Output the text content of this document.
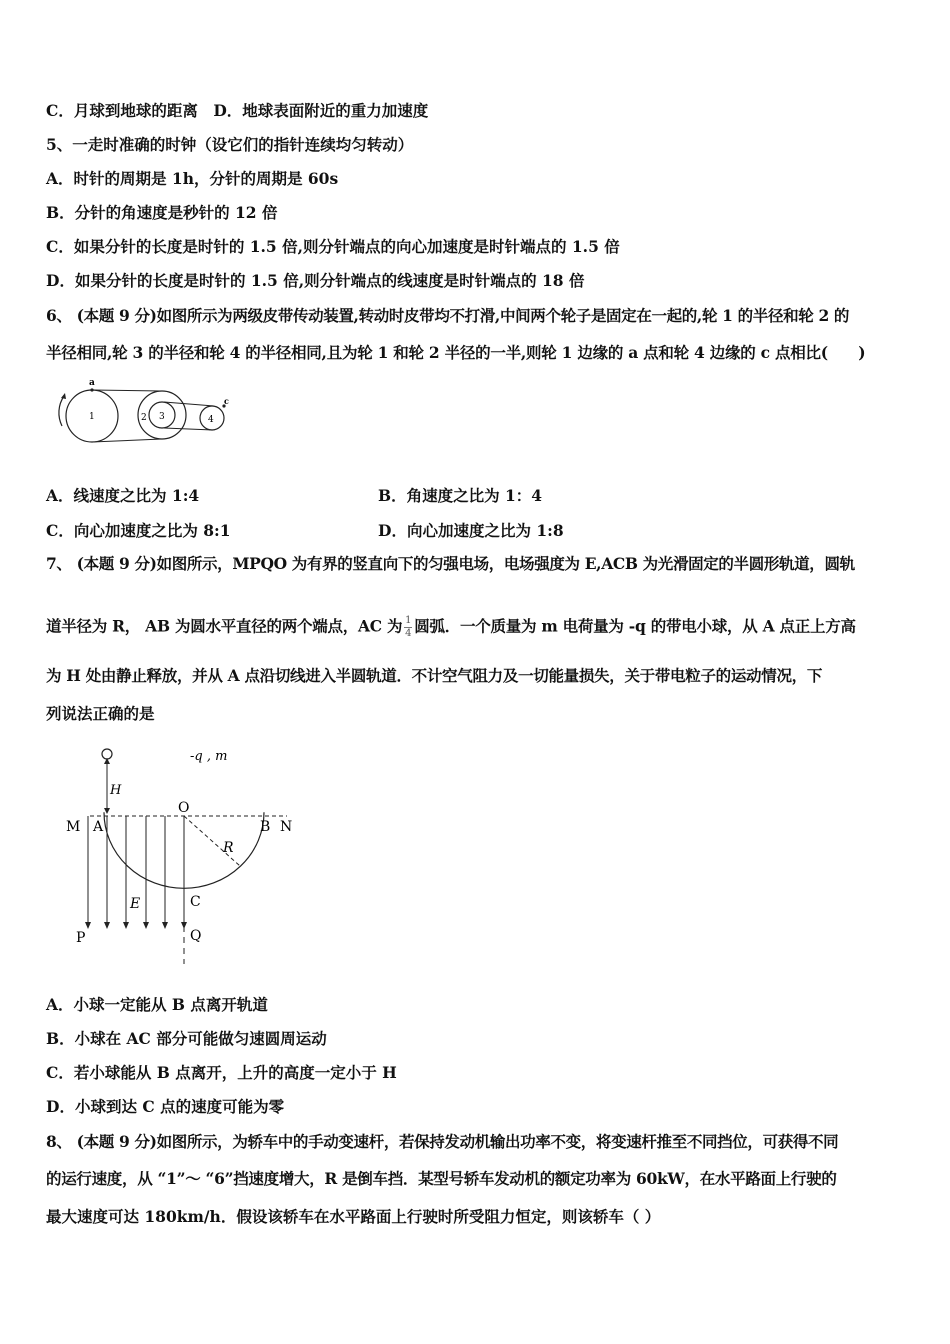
C．月球到地球的距离　D．地球表面附近的重力加速度
5、一走时准确的时钟（设它们的指针连续均匀转动）
A．时针的周期是 1h，分针的周期是 60s
B．分针的角速度是秒针的 12 倍
C．如果分针的长度是时针的 1.5 倍,则分针端点的向心加速度是时针端点的 1.5 倍
D．如果分针的长度是时针的 1.5 倍,则分针端点的线速度是时针端点的 18 倍
6、 (本题 9 分)如图所示为两级皮带传动装置,转动时皮带均不打滑,中间两个轮子是固定在一起的,轮 1 的半径和轮 2 的
半径相同,轮 3 的半径和轮 4 的半径相同,且为轮 1 和轮 2 半径的一半,则轮 1 边缘的 a 点和轮 4 边缘的 c 点相比(　　)
a
1	2 3	4
c
A．线速度之比为 1:4	B．角速度之比为 1：4
C．向心加速度之比为 8:1	D．向心加速度之比为 1:8
7、 (本题 9 分)如图所示，MPQO 为有界的竖直向下的匀强电场，电场强度为 E,ACB 为光滑固定的半圆形轨道，圆轨
道半径为 R， AB 为圆水平直径的两个端点，AC 为 $\frac{1}{4}$ 圆弧．一个质量为 m 电荷量为 -q 的带电小球，从 A 点正上方高
为 H 处由静止释放，并从 A 点沿切线进入半圆轨道．不计空气阻力及一切能量损失，关于带电粒子的运动情况，下
列说法正确的是
H
-q , m
M A
O
B N
R
E	C
P	Q
A．小球一定能从 B 点离开轨道
B．小球在 AC 部分可能做匀速圆周运动
C．若小球能从 B 点离开，上升的高度一定小于 H
D．小球到达 C 点的速度可能为零
8、 (本题 9 分)如图所示，为轿车中的手动变速杆，若保持发动机输出功率不变，将变速杆推至不同挡位，可获得不同
的运行速度，从 “1”～ “6”挡速度增大，R 是倒车挡．某型号轿车发动机的额定功率为 60kW，在水平路面上行驶的
最大速度可达 180km/h．假设该轿车在水平路面上行驶时所受阻力恒定，则该轿车（ ）
